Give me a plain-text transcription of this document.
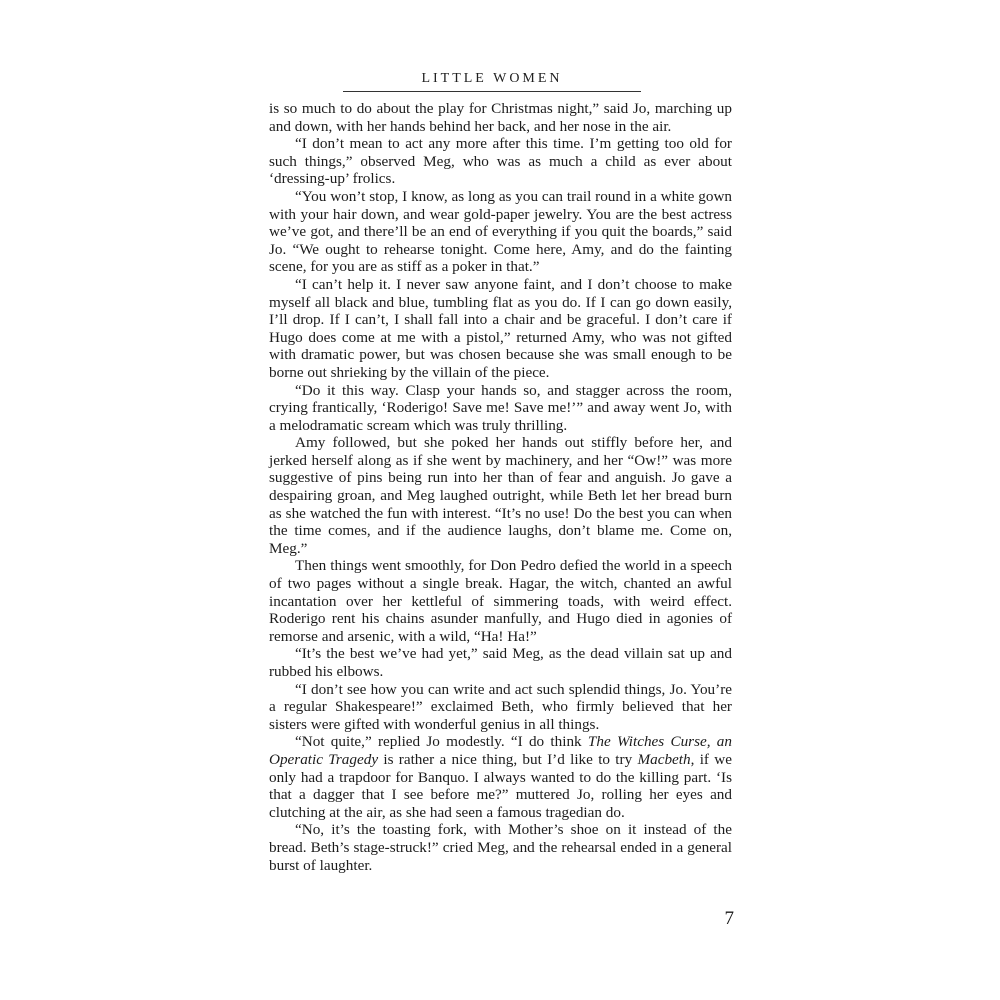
LITTLE WOMEN

is so much to do about the play for Christmas night,” said Jo, marching up and down, with her hands behind her back, and her nose in the air.

“I don’t mean to act any more after this time. I’m getting too old for such things,” observed Meg, who was as much a child as ever about ‘dressing-up’ frolics.

“You won’t stop, I know, as long as you can trail round in a white gown with your hair down, and wear gold-paper jewelry. You are the best actress we’ve got, and there’ll be an end of everything if you quit the boards,” said Jo. “We ought to rehearse tonight. Come here, Amy, and do the fainting scene, for you are as stiff as a poker in that.”

“I can’t help it. I never saw anyone faint, and I don’t choose to make myself all black and blue, tumbling flat as you do. If I can go down easily, I’ll drop. If I can’t, I shall fall into a chair and be graceful. I don’t care if Hugo does come at me with a pistol,” returned Amy, who was not gifted with dramatic power, but was chosen because she was small enough to be borne out shrieking by the villain of the piece.

“Do it this way. Clasp your hands so, and stagger across the room, crying frantically, ‘Roderigo! Save me! Save me!’” and away went Jo, with a melodramatic scream which was truly thrilling.

Amy followed, but she poked her hands out stiffly before her, and jerked herself along as if she went by machinery, and her “Ow!” was more suggestive of pins being run into her than of fear and anguish. Jo gave a despairing groan, and Meg laughed outright, while Beth let her bread burn as she watched the fun with interest. “It’s no use! Do the best you can when the time comes, and if the audience laughs, don’t blame me. Come on, Meg.”

Then things went smoothly, for Don Pedro defied the world in a speech of two pages without a single break. Hagar, the witch, chanted an awful incantation over her kettleful of simmering toads, with weird effect. Roderigo rent his chains asunder manfully, and Hugo died in agonies of remorse and arsenic, with a wild, “Ha! Ha!”

“It’s the best we’ve had yet,” said Meg, as the dead villain sat up and rubbed his elbows.

“I don’t see how you can write and act such splendid things, Jo. You’re a regular Shakespeare!” exclaimed Beth, who firmly believed that her sisters were gifted with wonderful genius in all things.

“Not quite,” replied Jo modestly. “I do think The Witches Curse, an Operatic Tragedy is rather a nice thing, but I’d like to try Macbeth, if we only had a trapdoor for Banquo. I always wanted to do the killing part. ‘Is that a dagger that I see before me?” muttered Jo, rolling her eyes and clutching at the air, as she had seen a famous tragedian do.

“No, it’s the toasting fork, with Mother’s shoe on it instead of the bread. Beth’s stage-struck!” cried Meg, and the rehearsal ended in a general burst of laughter.

7
